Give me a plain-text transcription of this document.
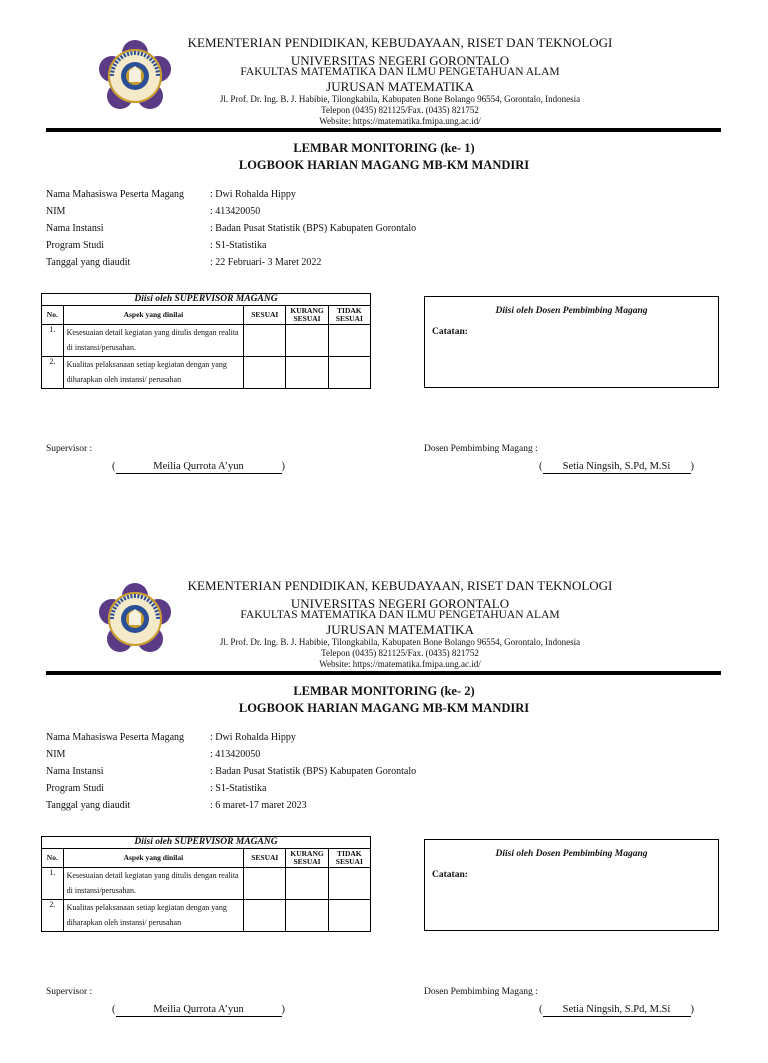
KEMENTERIAN PENDIDIKAN, KEBUDAYAAN, RISET DAN TEKNOLOGI
UNIVERSITAS NEGERI GORONTALO
FAKULTAS MATEMATIKA DAN ILMU PENGETAHUAN ALAM
JURUSAN MATEMATIKA
Jl. Prof. Dr. Ing. B. J. Habibie, Tilongkabila, Kabupaten Bone Bolango 96554, Gorontalo, Indonesia
Telepon (0435) 821125/Fax. (0435) 821752
Website: https://matematika.fmipa.ung.ac.id/
LEMBAR MONITORING (ke- 1)
LOGBOOK HARIAN MAGANG MB-KM MANDIRI
Nama Mahasiswa Peserta Magang	: Dwi Rohalda Hippy
NIM	: 413420050
Nama Instansi	: Badan Pusat Statistik (BPS) Kabupaten Gorontalo
Program Studi	: S1-Statistika
Tanggal yang diaudit	: 22 Februari- 3 Maret 2022
Diisi oleh SUPERVISOR MAGANG				
No.	Aspek yang dinilai	SESUAI	KURANG SESUAI	TIDAK SESUAI
1.	Kesesuaian detail kegiatan yang ditulis dengan realita di instansi/perusahan.			
2.	Kualitas pelaksanaan setiap kegiatan dengan yang diharapkan oleh instansi/ perusahan			
Diisi oleh Dosen Pembimbing Magang
Catatan:
Supervisor :	Dosen Pembimbing Magang :
(	Meilia Qurrota A’yun	)	( Setia Ningsih, S.Pd, M.Si )
KEMENTERIAN PENDIDIKAN, KEBUDAYAAN, RISET DAN TEKNOLOGI
UNIVERSITAS NEGERI GORONTALO
FAKULTAS MATEMATIKA DAN ILMU PENGETAHUAN ALAM
JURUSAN MATEMATIKA
Jl. Prof. Dr. Ing. B. J. Habibie, Tilongkabila, Kabupaten Bone Bolango 96554, Gorontalo, Indonesia
Telepon (0435) 821125/Fax. (0435) 821752
Website: https://matematika.fmipa.ung.ac.id/
LEMBAR MONITORING (ke- 2)
LOGBOOK HARIAN MAGANG MB-KM MANDIRI
Nama Mahasiswa Peserta Magang	: Dwi Rohalda Hippy
NIM	: 413420050
Nama Instansi	: Badan Pusat Statistik (BPS) Kabupaten Gorontalo
Program Studi	: S1-Statistika
Tanggal yang diaudit	: 6 maret-17 maret 2023
Diisi oleh SUPERVISOR MAGANG				
No.	Aspek yang dinilai	SESUAI	KURANG SESUAI	TIDAK SESUAI
1.	Kesesuaian detail kegiatan yang ditulis dengan realita di instansi/perusahan.			
2.	Kualitas pelaksanaan setiap kegiatan dengan yang diharapkan oleh instansi/ perusahan			
Diisi oleh Dosen Pembimbing Magang
Catatan:
Supervisor :	Dosen Pembimbing Magang :
(	Meilia Qurrota A’yun	)	( Setia Ningsih, S.Pd, M.Si )
